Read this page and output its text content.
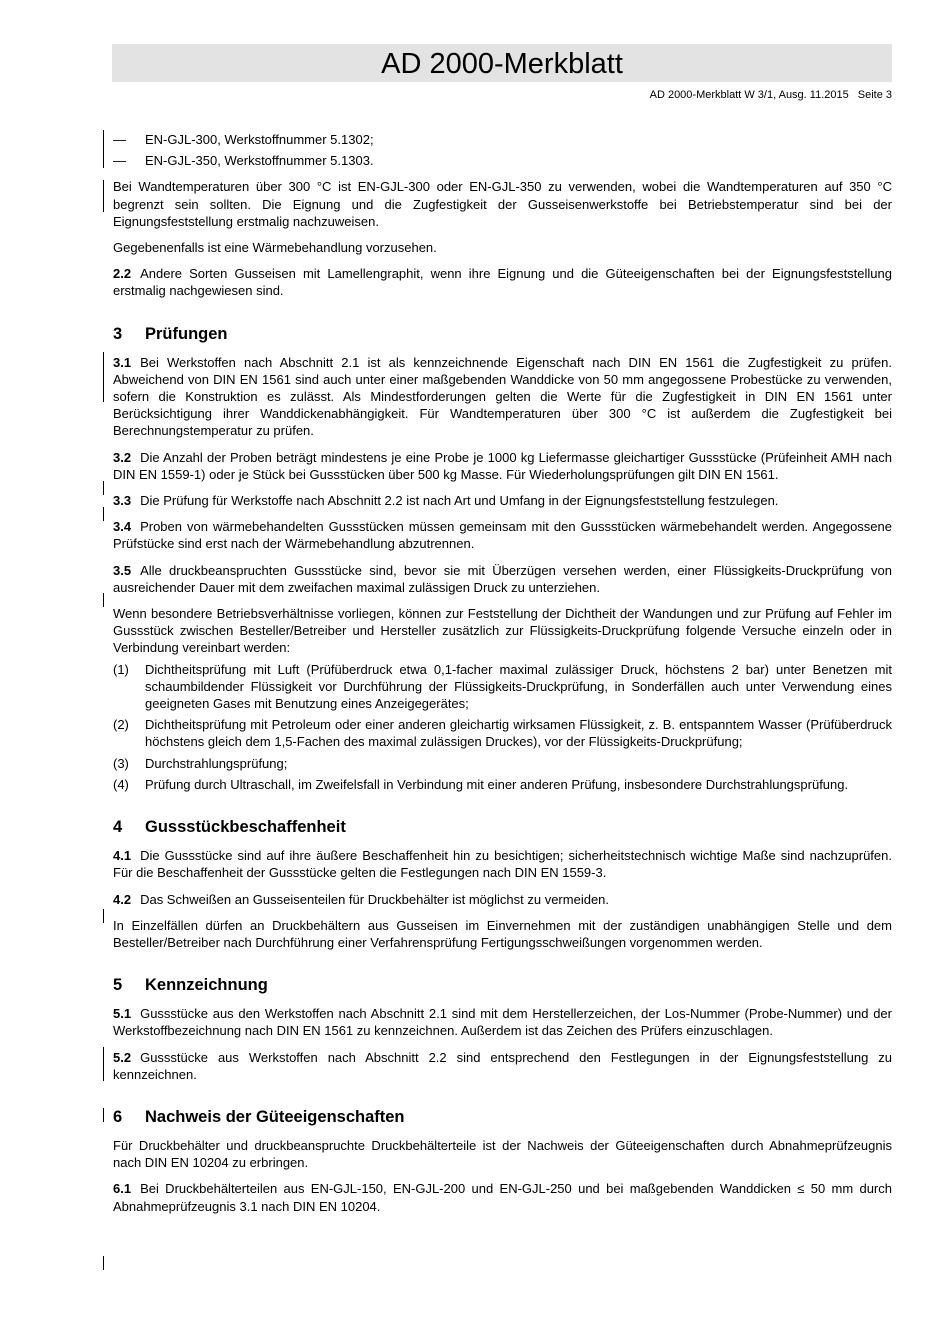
AD 2000-Merkblatt
AD 2000-Merkblatt W 3/1, Ausg. 11.2015 Seite 3
—	EN-GJL-300, Werkstoffnummer 5.1302;
—	EN-GJL-350, Werkstoffnummer 5.1303.

Bei Wandtemperaturen über 300 °C ist EN-GJL-300 oder EN-GJL-350 zu verwenden, wobei die Wandtemperaturen auf 350 °C begrenzt sein sollten. Die Eignung und die Zugfestigkeit der Gusseisenwerkstoffe bei Betriebstemperatur sind bei der Eignungsfeststellung erstmalig nachzuweisen.

Gegebenenfalls ist eine Wärmebehandlung vorzusehen.

2.2 Andere Sorten Gusseisen mit Lamellengraphit, wenn ihre Eignung und die Güteeigenschaften bei der Eignungsfeststellung erstmalig nachgewiesen sind.

3 Prüfungen

3.1 Bei Werkstoffen nach Abschnitt 2.1 ist als kennzeichnende Eigenschaft nach DIN EN 1561 die Zugfestigkeit zu prüfen. Abweichend von DIN EN 1561 sind auch unter einer maßgebenden Wanddicke von 50 mm angegossene Probestücke zu verwenden, sofern die Konstruktion es zulässt. Als Mindestforderungen gelten die Werte für die Zugfestigkeit in DIN EN 1561 unter Berücksichtigung ihrer Wanddickenabhängigkeit. Für Wandtemperaturen über 300 °C ist außerdem die Zugfestigkeit bei Berechnungstemperatur zu prüfen.

3.2 Die Anzahl der Proben beträgt mindestens je eine Probe je 1000 kg Liefermasse gleichartiger Gussstücke (Prüfeinheit AMH nach DIN EN 1559-1) oder je Stück bei Gussstücken über 500 kg Masse. Für Wiederholungsprüfungen gilt DIN EN 1561.

3.3 Die Prüfung für Werkstoffe nach Abschnitt 2.2 ist nach Art und Umfang in der Eignungsfeststellung festzulegen.

3.4 Proben von wärmebehandelten Gussstücken müssen gemeinsam mit den Gussstücken wärmebehandelt werden. Angegossene Prüfstücke sind erst nach der Wärmebehandlung abzutrennen.

3.5 Alle druckbeanspruchten Gussstücke sind, bevor sie mit Überzügen versehen werden, einer Flüssigkeits-Druckprüfung von ausreichender Dauer mit dem zweifachen maximal zulässigen Druck zu unterziehen.

Wenn besondere Betriebsverhältnisse vorliegen, können zur Feststellung der Dichtheit der Wandungen und zur Prüfung auf Fehler im Gussstück zwischen Besteller/Betreiber und Hersteller zusätzlich zur Flüssigkeits-Druckprüfung folgende Versuche einzeln oder in Verbindung vereinbart werden:

(1)	Dichtheitsprüfung mit Luft (Prüfüberdruck etwa 0,1-facher maximal zulässiger Druck, höchstens 2 bar) unter Benetzen mit schaumbildender Flüssigkeit vor Durchführung der Flüssigkeits-Druckprüfung, in Sonderfällen auch unter Verwendung eines geeigneten Gases mit Benutzung eines Anzeigegerätes;
(2)	Dichtheitsprüfung mit Petroleum oder einer anderen gleichartig wirksamen Flüssigkeit, z. B. entspanntem Wasser (Prüfüberdruck höchstens gleich dem 1,5-Fachen des maximal zulässigen Druckes), vor der Flüssigkeits-Druckprüfung;
(3)	Durchstrahlungsprüfung;
(4)	Prüfung durch Ultraschall, im Zweifelsfall in Verbindung mit einer anderen Prüfung, insbesondere Durchstrahlungsprüfung.
4 Gussstückbeschaffenheit

4.1 Die Gussstücke sind auf ihre äußere Beschaffenheit hin zu besichtigen; sicherheitstechnisch wichtige Maße sind nachzuprüfen. Für die Beschaffenheit der Gussstücke gelten die Festlegungen nach DIN EN 1559-3.

4.2 Das Schweißen an Gusseisenteilen für Druckbehälter ist möglichst zu vermeiden.

In Einzelfällen dürfen an Druckbehältern aus Gusseisen im Einvernehmen mit der zuständigen unabhängigen Stelle und dem Besteller/Betreiber nach Durchführung einer Verfahrensprüfung Fertigungsschweißungen vorgenommen werden.

5 Kennzeichnung

5.1 Gussstücke aus den Werkstoffen nach Abschnitt 2.1 sind mit dem Herstellerzeichen, der Los-Nummer (Probe-Nummer) und der Werkstoffbezeichnung nach DIN EN 1561 zu kennzeichnen. Außerdem ist das Zeichen des Prüfers einzuschlagen.

5.2 Gussstücke aus Werkstoffen nach Abschnitt 2.2 sind entsprechend den Festlegungen in der Eignungsfeststellung zu kennzeichnen.

6 Nachweis der Güteeigenschaften

Für Druckbehälter und druckbeanspruchte Druckbehälterteile ist der Nachweis der Güteeigenschaften durch Abnahmeprüfzeugnis nach DIN EN 10204 zu erbringen.

6.1 Bei Druckbehälterteilen aus EN-GJL-150, EN-GJL-200 und EN-GJL-250 und bei maßgebenden Wanddicken ≤ 50 mm durch Abnahmeprüfzeugnis 3.1 nach DIN EN 10204.
